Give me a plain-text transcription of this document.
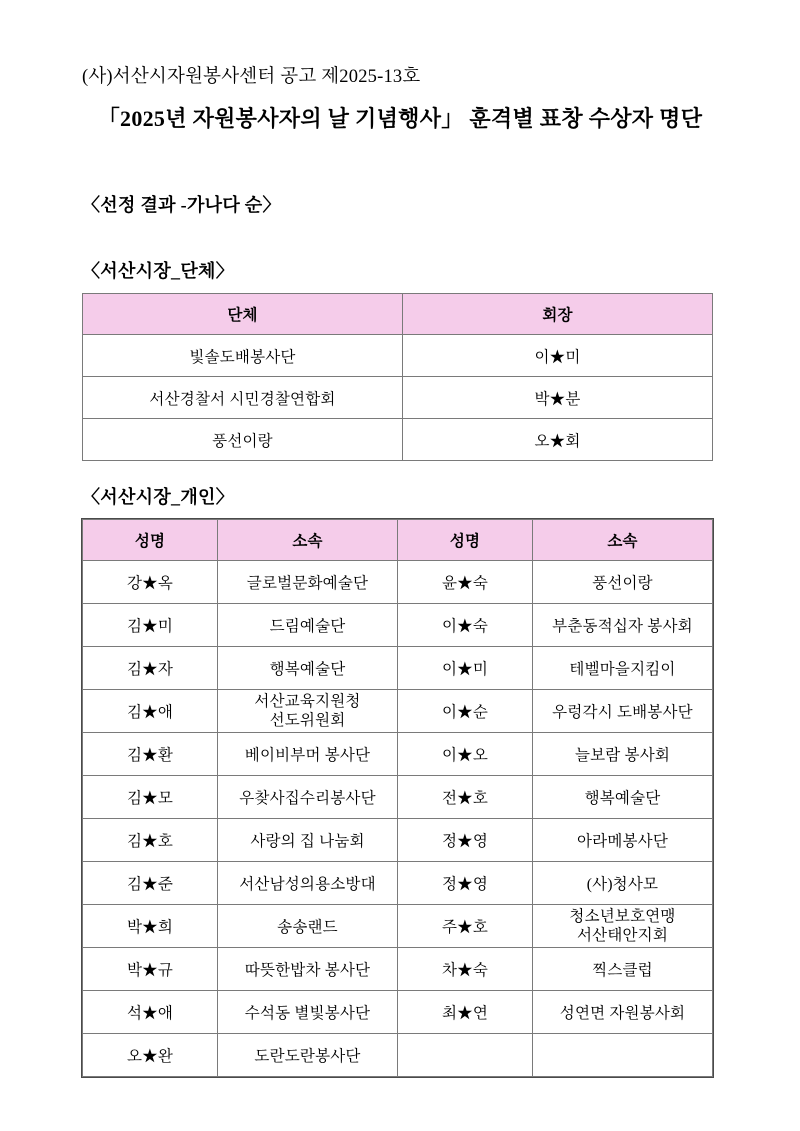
(사)서산시자원봉사센터 공고 제2025-13호
「2025년 자원봉사자의 날 기념행사」 훈격별 표창 수상자 명단
〈선정 결과 -가나다 순〉
〈서산시장_단체〉
단체	회장
빛솔도배봉사단	이★미
서산경찰서 시민경찰연합회	박★분
풍선이랑	오★회
〈서산시장_개인〉
성명	소속	성명	소속
강★옥	글로벌문화예술단	윤★숙	풍선이랑
김★미	드림예술단	이★숙	부춘동적십자 봉사회
김★자	행복예술단	이★미	테벨마을지킴이
김★애	서산교육지원청
선도위원회	이★순	우렁각시 도배봉사단
김★환	베이비부머 봉사단	이★오	늘보람 봉사회
김★모	우찾사집수리봉사단	전★호	행복예술단
김★호	사랑의 집 나눔회	정★영	아라메봉사단
김★준	서산남성의용소방대	정★영	(사)청사모
박★희	송송랜드	주★호	청소년보호연맹
서산태안지회
박★규	따뜻한밥차 봉사단	차★숙	찍스클럽
석★애	수석동 별빛봉사단	최★연	성연면 자원봉사회
오★완	도란도란봉사단		
